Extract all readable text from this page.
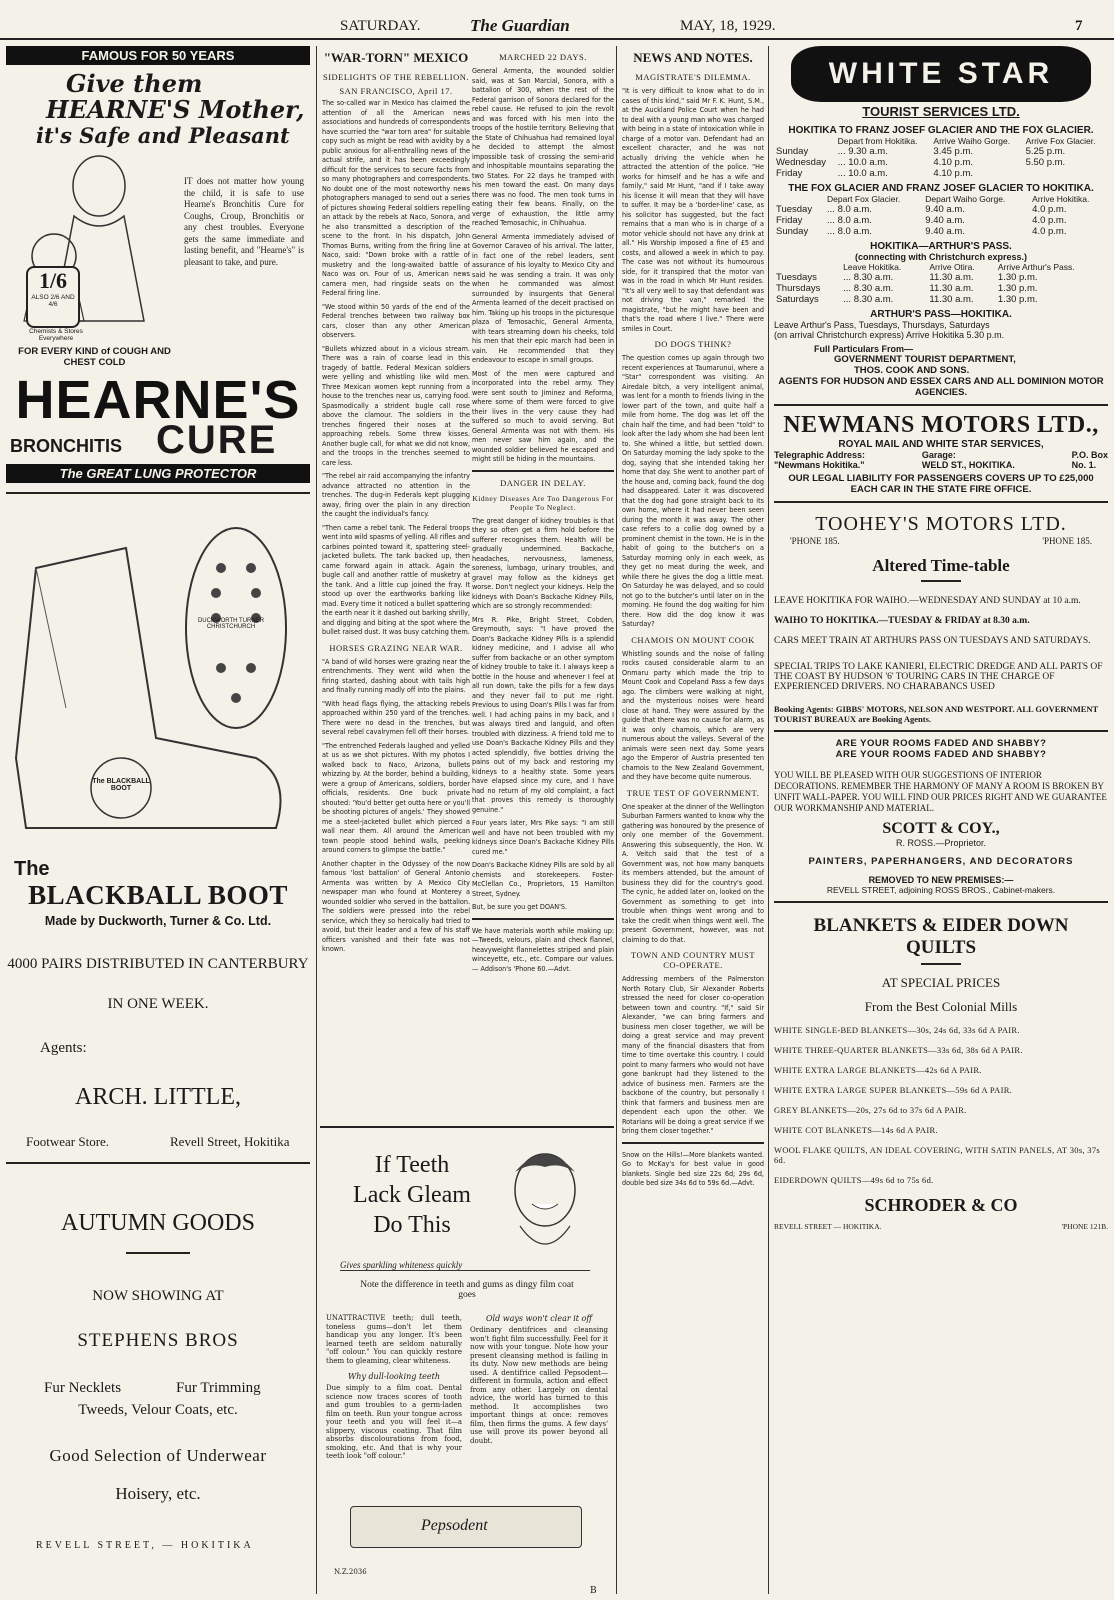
SATURDAY.	The Guardian	MAY, 18, 1929.	7
FAMOUS FOR 50 YEARS
Give them
HEARNE'S Mother,
it's Safe and Pleasant
1/6
ALSO 2/6 AND 4/6
Chemists & Stores Everywhere
IT does not matter how young the child, it is safe to use Hearne's Bronchitis Cure for Coughs, Croup, Bronchitis or any chest troubles. Everyone gets the same immediate and lasting benefit, and "Hearne's" is pleasant to take, and pure.
FOR EVERY KIND of COUGH AND CHEST COLD
HEARNE'S
BRONCHITIS CURE
The GREAT LUNG PROTECTOR
DUCKWORTH TURNER CHRISTCHURCH
The BLACKBALL BOOT
The
BLACKBALL BOOT
Made by Duckworth, Turner & Co. Ltd.
4000 PAIRS DISTRIBUTED IN CANTERBURY
IN ONE WEEK.
Agents:
ARCH. LITTLE,
Footwear Store.	Revell Street, Hokitika
AUTUMN GOODS
NOW SHOWING AT
STEPHENS BROS
Fur Necklets	Fur Trimming
Tweeds, Velour Coats, etc.
Good Selection of Underwear
Hoisery, etc.
REVELL STREET, — HOKITIKA
"WAR-TORN" MEXICO
SIDELIGHTS OF THE REBELLION.
SAN FRANCISCO, April 17.

The so-called war in Mexico has claimed the attention of all the American news associations and hundreds of correspondents have scurried the "war torn area" for suitable copy such as might be read with avidity by a public anxious for all-enthralling news of the actual strife, and it has been exceedingly difficult for the services to secure facts from so many photographers and correspondents. No doubt one of the most noteworthy news photographers managed to send out a series of pictures showing Federal soldiers repelling an attack by the rebels at Naco, Sonora, and he also transmitted a description of the scene to the front. In his dispatch, John Thomas Burns, writing from the firing line at Naco, said: "Down broke with a rattle of musketry and the long-awaited battle of Naco was on. Four of us, American news camera men, had ringside seats on the Federal firing line.

"We stood within 50 yards of the end of the Federal trenches between two railway box cars, closer than any other American observers.

"Bullets whizzed about in a vicious stream. There was a rain of coarse lead in this tragedy of battle. Federal Mexican soldiers were yelling and whistling like wild men. Three Mexican women kept running from a house to the trenches near us, carrying food. Spasmodically a strident bugle call rose above the clamour. The soldiers in the trenches fingered their noses at the approaching rebels. Some threw kisses. Another bugle call, for what we did not know, and the troops in the trenches seemed to care less.

"The rebel air raid accompanying the infantry advance attracted no attention in the trenches. The dug-in Federals kept plugging away, firing over the plain in any direction the caught the individual's fancy.

"Then came a rebel tank. The Federal troops went into wild spasms of yelling. All rifles and carbines pointed toward it, spattering steel-jacketed bullets. The tank backed up, then came forward again in attack. Again the bugle call and another rattle of musketry at the tank. And a little cup joined the fray. It stood up over the earthworks barking like mad. Every time it noticed a bullet spattering the earth near it it dashed out barking shrilly, and digging and biting at the spot where the bullet raised dust. It was busy catching them.

HORSES GRAZING NEAR WAR.

"A band of wild horses were grazing near the entrenchments. They went wild when the firing started, dashing about with tails high and finally running madly off into the plains.

"With head flags flying, the attacking rebels approached within 250 yard of the trenches. There were no dead in the trenches, but several rebel cavalrymen fell off their horses.

"The entrenched Federals laughed and yelled at us as we shot pictures. With my photos I walked back to Naco, Arizona, bullets whizzing by. At the border, behind a building, were a group of Americans, soldiers, border officials, residents. One buck private shouted: 'You'd better get outta here or you'll be shooting pictures of angels.' They showed me a steel-jacketed bullet which pierced a wall near them. All around the American town people stood behind walls, peeking around corners to glimpse the battle."

Another chapter in the Odyssey of the now famous 'lost battalion' of General Antonio Armenta was written by A Mexico City newspaper man who found at Monterey a wounded soldier who served in the battalion. The soldiers were pressed into the rebel service, which they so heroically had tried to avoid, but their leader and a few of his staff officers vanished and their fate was not known.

MARCHED 22 DAYS.

General Armenta, the wounded soldier said, was at San Marcial, Sonora, with a battalion of 300, when the rest of the Federal garrison of Sonora declared for the rebel cause. He refused to join the revolt and was forced with his men into the troops of the hostile territory. Believing that the State of Chihuahua had remained loyal he decided to attempt the almost impossible task of crossing the semi-arid and inhospitable mountains separating the two States. For 22 days he tramped with his men toward the east. On many days there was no food. The men took turns in eating their few beans. Finally, on the verge of exhaustion, the little army reached Temosachic, in Chihuahua.

General Armenta immediately advised of Governor Caraveo of his arrival. The latter, in fact one of the rebel leaders, sent assurance of his loyalty to Mexico City and said he was sending a train. It was only when he commanded was almost surrounded by insurgents that General Armenta learned of the deceit practised on him. Taking up his troops in the picturesque plaza of Temosachic, General Armenta, with tears streaming down his cheeks, told his men that their epic march had been in vain. He recommended that they endeavour to escape in small groups.

Most of the men were captured and incorporated into the rebel army. They were sent south to Jiminez and Reforma, where some of them were forced to give their lives in the very cause they had suffered so much to avoid serving. But General Armenta was not with them. His men never saw him again, and the wounded soldier believed he escaped and might still be hiding in the mountains.

DANGER IN DELAY.
Kidney Diseases Are Too Dangerous For People To Neglect.

The great danger of kidney troubles is that they so often get a firm hold before the sufferer recognises them. Health will be gradually undermined. Backache, headaches, nervousness, lameness, soreness, lumbago, urinary troubles, and gravel may follow as the kidneys get worse. Don't neglect your kidneys. Help the kidneys with Doan's Backache Kidney Pills, which are so strongly recommended:

Mrs R. Pike, Bright Street, Cobden, Greymouth, says: "I have proved the Doan's Backache Kidney Pills is a splendid kidney medicine, and I advise all who suffer from backache or an other symptom of kidney trouble to take it. I always keep a bottle in the house and whenever I feel at all run down, take the pills for a few days and they never fail to put me right. Previous to using Doan's Pills I was far from well. I had aching pains in my back, and I was always tired and languid, and often troubled with dizziness. A friend told me to use Doan's Backache Kidney Pills and they acted splendidly, five bottles driving the pains out of my back and restoring my kidneys to a healthy state. Some years have elapsed since my cure, and I have had no return of my old complaint, a fact that proves this remedy is thoroughly genuine."

Four years later, Mrs Pike says: "I am still well and have not been troubled with my kidneys since Doan's Backache Kidney Pills cured me."

Doan's Backache Kidney Pills are sold by all chemists and storekeepers. Foster-McClellan Co., Proprietors, 15 Hamilton Street, Sydney.

But, be sure you get DOAN'S.

We have materials worth while making up:—Tweeds, velours, plain and check flannel, heavyweight flannelettes striped and plain winceyette, etc., etc. Compare our values. — Addison's 'Phone 60.—Advt.

If Teeth
Lack Gleam
Do This
Gives sparkling whiteness quickly
Note the difference in teeth and gums as dingy film coat goes
UNATTRACTIVE teeth; dull teeth, toneless gums—don't let them handicap you any longer. It's been learned teeth are seldom naturally "off colour." You can quickly restore them to gleaming, clear whiteness.
Why dull-looking teeth
Due simply to a film coat. Dental science now traces scores of tooth and gum troubles to a germ-laden film on teeth. Run your tongue across your teeth and you will feel it—a slippery, viscous coating. That film absorbs discolourations from food, smoking, etc. And that is why your teeth look "off colour."
Old ways won't clear it off
Ordinary dentifrices and cleansing won't fight film successfully. Feel for it now with your tongue. Note how your present cleansing method is failing in its duty. Now new methods are being used. A dentifrice called Pepsodent—different in formula, action and effect from any other. Largely on dental advice, the world has turned to this method. It accomplishes two important things at once: removes film, then firms the gums. A few days' use will prove its power beyond all doubt.
Pepsodent
N.Z.2036
NEWS AND NOTES.
MAGISTRATE'S DILEMMA.

"It is very difficult to know what to do in cases of this kind," said Mr F. K. Hunt, S.M., at the Auckland Police Court when he had to deal with a young man who was charged with being in a state of intoxication while in charge of a motor van. Defendant had an excellent character, and he was not actually driving the vehicle when he attracted the attention of the police. "He works for himself and he has a wife and family," said Mr Hunt, "and if I take away his license it will mean that they will have to suffer. It may be a 'border-line' case, as his solicitor has suggested, but the fact remains that a man who is in charge of a motor vehicle should not have any drink at all." His Worship imposed a fine of £5 and costs, and allowed a week in which to pay. The case was not without its humourous side, for it transpired that the motor van was in the road in which Mr Hunt resides. "It's all very well to say that defendant was not driving the van," remarked the magistrate, "but he might have been and that's the road where I live." There were smiles in Court.

DO DOGS THINK?

The question comes up again through two recent experiences at Taumarunui, where a "Star" correspondent was visiting. An Airedale bitch, a very intelligent animal, was lent for a month to friends living in the lower part of the town, and quite half a mile from home. The dog was let off the chain half the time, and had been "told" to look after the lady whom she had been lent to. She whined a little, but settled down. On Saturday morning the lady spoke to the dog, saying that she intended taking her home that day. She went to another part of the house and, coming back, found the dog had disappeared. Later it was discovered that the dog had gone straight back to its own home, where it had never been seen during the month it was away. The other case refers to a collie dog owned by a prominent chemist in the town. He is in the habit of going to the butcher's on a Saturday morning only in each week, as they get no meat during the week, and while there he gives the dog a little meat. On Saturday he was delayed, and so could not go to the butcher's until later on in the morning. He found the dog waiting for him there. How did the dog know it was Saturday?

CHAMOIS ON MOUNT COOK

Whistling sounds and the noise of falling rocks caused considerable alarm to an Onmaru party which made the trip to Mount Cook and Copeland Pass a few days ago. The climbers were walking at night, and the mysterious noises were heard close at hand. They were assured by the guide that there was no cause for alarm, as it was only chamois, which are very numerous about the valleys. Several of the animals were seen next day. Some years ago the Emperor of Austria presented ten chamois to the New Zealand Government, and they have become quite numerous.

TRUE TEST OF GOVERNMENT.

One speaker at the dinner of the Wellington Suburban Farmers wanted to know why the gathering was honoured by the presence of only one member of the Government. Answering this subsequently, the Hon. W. A. Veitch said that the test of a Government was, not how many banquets its members attended, but the amount of business they did for the country's good. The cynic, he added later on, looked on the Government as something to get into trouble when things went wrong and to take the credit when things went well. The present Government, however, was not claiming to do that.

TOWN AND COUNTRY MUST CO-OPERATE.

Addressing members of the Palmerston North Rotary Club, Sir Alexander Roberts stressed the need for closer co-operation between town and country. "If," said Sir Alexander, "we can bring farmers and business men closer together, we will be doing a great service and may prevent many of the financial disasters that from time to time overtake this country. I could point to many farmers who would not have gone bankrupt had they listened to the advice of business men. Farmers are the backbone of the country, but personally I think that farmers and business men are dependent each upon the other. We Rotarians will be doing a great service if we bring them closer together."

Snow on the Hills!—More blankets wanted. Go to McKay's for best value in good blankets. Single bed size 22s 6d; 29s 6d, double bed size 34s 6d to 59s 6d.—Advt.

WHITE STAR
TOURIST SERVICES LTD.
HOKITIKA TO FRANZ JOSEF GLACIER AND THE FOX GLACIER.
	Depart from Hokitika.	Arrive Waiho Gorge.	Arrive Fox Glacier.
Sunday	... 9.30 a.m.	3.45 p.m.	5.25 p.m.
Wednesday	... 10.0 a.m.	4.10 p.m.	5.50 p.m.
Friday	... 10.0 a.m.	4.10 p.m.	
THE FOX GLACIER AND FRANZ JOSEF GLACIER TO HOKITIKA.
	Depart Fox Glacier.	Depart Waiho Gorge.	Arrive Hokitika.
Tuesday	... 8.0 a.m.	9.40 a.m.	4.0 p.m.
Friday	... 8.0 a.m.	9.40 a.m.	4.0 p.m.
Sunday	... 8.0 a.m.	9.40 a.m.	4.0 p.m.
HOKITIKA—ARTHUR'S PASS.
(connecting with Christchurch express.)
	Leave Hokitika.	Arrive Otira.	Arrive Arthur's Pass.
Tuesdays	... 8.30 a.m.	11.30 a.m.	1.30 p.m.
Thursdays	... 8.30 a.m.	11.30 a.m.	1.30 p.m.
Saturdays	... 8.30 a.m.	11.30 a.m.	1.30 p.m.
ARTHUR'S PASS—HOKITIKA.
Leave Arthur's Pass, Tuesdays, Thursdays, Saturdays
(on arrival Christchurch express) Arrive Hokitika 5.30 p.m.
Full Particulars From—
GOVERNMENT TOURIST DEPARTMENT,
THOS. COOK AND SONS.
AGENTS FOR HUDSON AND ESSEX CARS AND ALL DOMINION MOTOR AGENCIES.
NEWMANS MOTORS LTD.,
ROYAL MAIL AND WHITE STAR SERVICES,
Telegraphic Address:
"Newmans Hokitika."
Garage:
WELD ST., HOKITIKA.
P.O. Box
No. 1.
OUR LEGAL LIABILITY FOR PASSENGERS COVERS UP TO £25,000 EACH CAR IN THE STATE FIRE OFFICE.
TOOHEY'S MOTORS LTD.
'PHONE 185.	'PHONE 185.
Altered Time-table
LEAVE HOKITIKA FOR WAIHO.—WEDNESDAY AND SUNDAY at 10 a.m.
WAIHO TO HOKITIKA.—TUESDAY & FRIDAY at 8.30 a.m.
CARS MEET TRAIN AT ARTHURS PASS ON TUESDAYS AND SATURDAYS.
SPECIAL TRIPS TO LAKE KANIERI, ELECTRIC DREDGE AND ALL PARTS OF THE COAST BY HUDSON '6' TOURING CARS IN THE CHARGE OF EXPERIENCED DRIVERS. NO CHARABANCS USED
Booking Agents: GIBBS' MOTORS, NELSON AND WESTPORT. ALL GOVERNMENT TOURIST BUREAUX are Booking Agents.
ARE YOUR ROOMS FADED AND SHABBY?
ARE YOUR ROOMS FADED AND SHABBY?
YOU WILL BE PLEASED WITH OUR SUGGESTIONS OF INTERIOR DECORATIONS. REMEMBER THE HARMONY OF MANY A ROOM IS BROKEN BY UNFIT WALL-PAPER. YOU WILL FIND OUR PRICES RIGHT AND WE GUARANTEE OUR WORKMANSHIP AND MATERIAL.
SCOTT & COY.,
R. ROSS.—Proprietor.
PAINTERS, PAPERHANGERS, AND DECORATORS
REMOVED TO NEW PREMISES:—
REVELL STREET, adjoining ROSS BROS., Cabinet-makers.
BLANKETS & EIDER DOWN QUILTS
AT SPECIAL PRICES
From the Best Colonial Mills
WHITE SINGLE-BED BLANKETS—30s, 24s 6d, 33s 6d A PAIR.
WHITE THREE-QUARTER BLANKETS—33s 6d, 38s 6d A PAIR.
WHITE EXTRA LARGE BLANKETS—42s 6d A PAIR.
WHITE EXTRA LARGE SUPER BLANKETS—59s 6d A PAIR.
GREY BLANKETS—20s, 27s 6d to 37s 6d A PAIR.
WHITE COT BLANKETS—14s 6d A PAIR.
WOOL FLAKE QUILTS, AN IDEAL COVERING, WITH SATIN PANELS, AT 30s, 37s 6d.
EIDERDOWN QUILTS—49s 6d to 75s 6d.
SCHRODER & CO
REVELL STREET — HOKITIKA.	'PHONE 121B.
B
